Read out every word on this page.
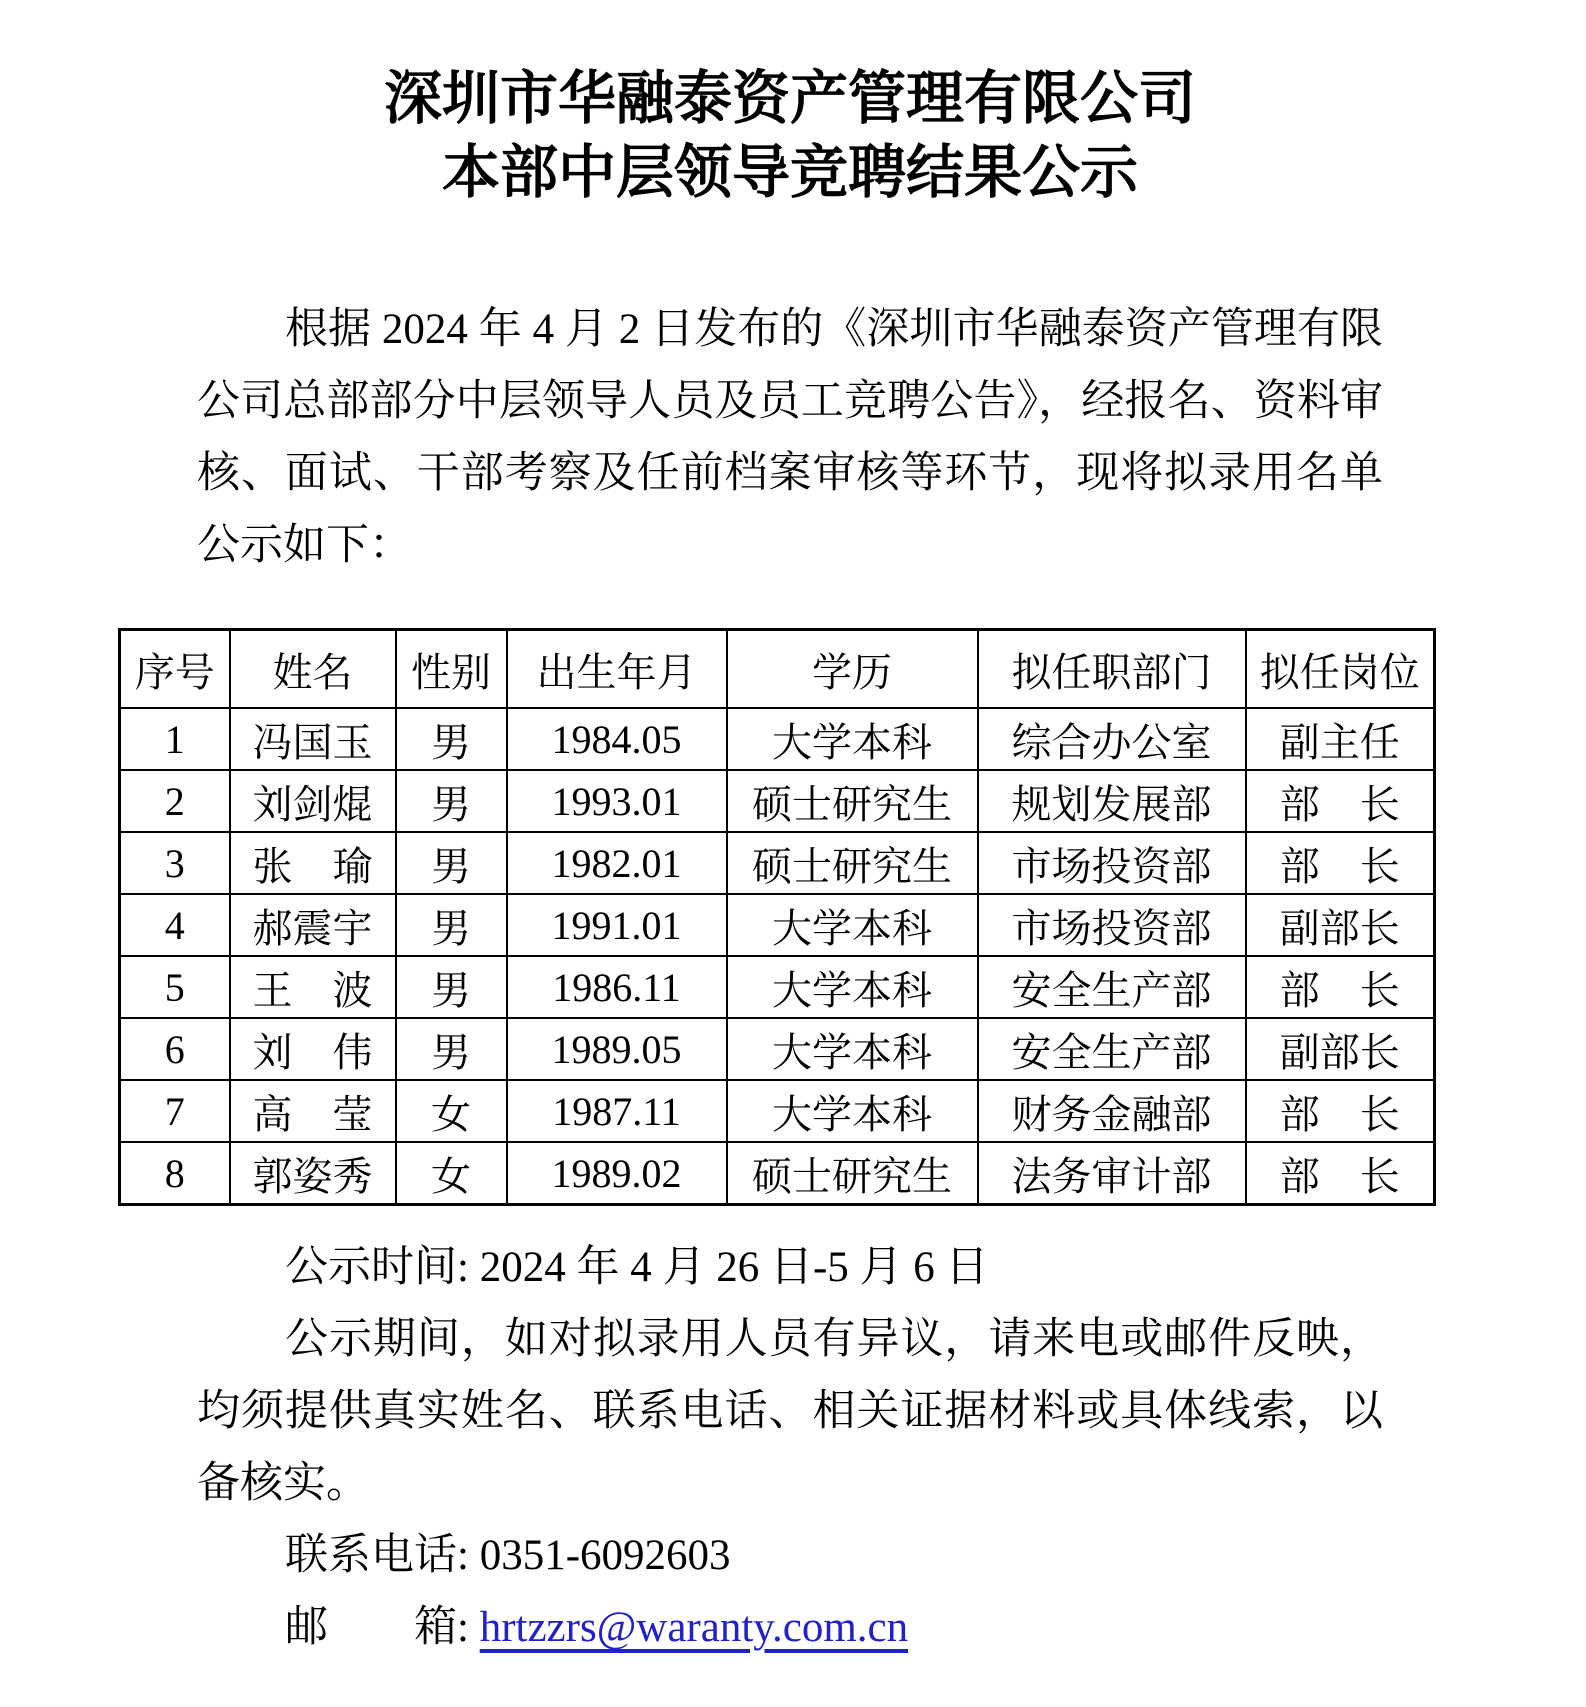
深圳市华融泰资产管理有限公司
本部中层领导竞聘结果公示

根据 2024 年 4 月 2 日发布的《深圳市华融泰资产管理有限公司总部部分中层领导人员及员工竞聘公告》，经报名、资料审核、面试、干部考察及任前档案审核等环节，现将拟录用名单公示如下：

序号	姓名	性别	出生年月	学历	拟任职部门	拟任岗位
1	冯国玉	男	1984.05	大学本科	综合办公室	副主任
2	刘剑焜	男	1993.01	硕士研究生	规划发展部	部　长
3	张　瑜	男	1982.01	硕士研究生	市场投资部	部　长
4	郝震宇	男	1991.01	大学本科	市场投资部	副部长
5	王　波	男	1986.11	大学本科	安全生产部	部　长
6	刘　伟	男	1989.05	大学本科	安全生产部	副部长
7	高　莹	女	1987.11	大学本科	财务金融部	部　长
8	郭姿秀	女	1989.02	硕士研究生	法务审计部	部　长

公示时间: 2024 年 4 月 26 日-5 月 6 日

公示期间，如对拟录用人员有异议，请来电或邮件反映，均须提供真实姓名、联系电话、相关证据材料或具体线索，以备核实。

联系电话: 0351-6092603

邮　　箱: hrtzzrs@waranty.com.cn
